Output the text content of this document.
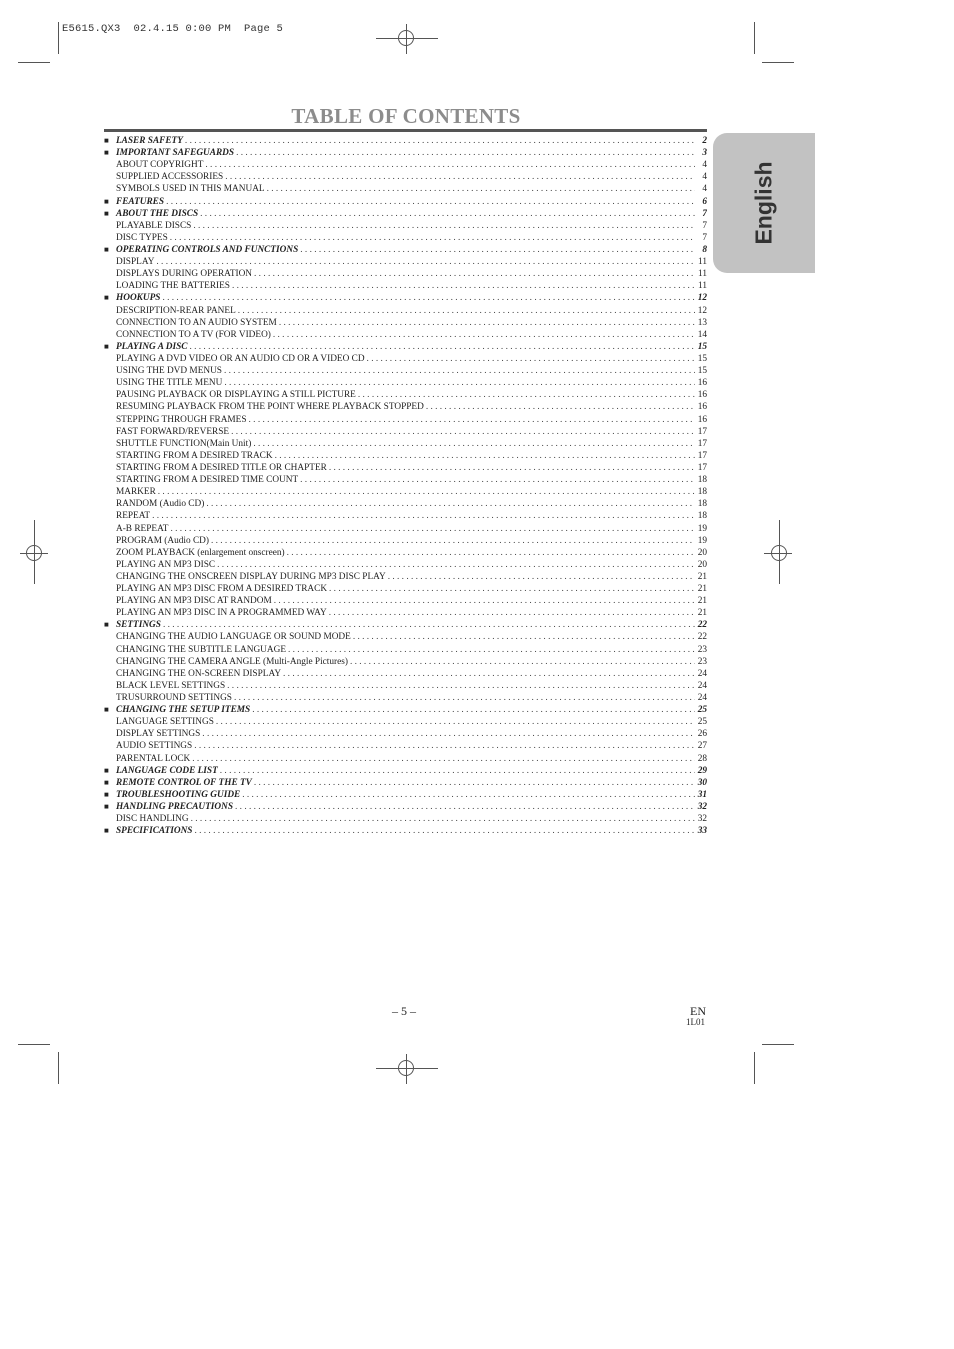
E5615.QX3  02.4.15 0:00 PM  Page 5
TABLE OF CONTENTS
English
■ LASER SAFETY . . .	2
■ IMPORTANT SAFEGUARDS . . .	3
ABOUT COPYRIGHT . . .	4
SUPPLIED ACCESSORIES . . .	4
SYMBOLS USED IN THIS MANUAL . . .	4
■ FEATURES . . .	6
■ ABOUT THE DISCS . . .	7
PLAYABLE DISCS . . .	7
DISC TYPES . . .	7
■ OPERATING CONTROLS AND FUNCTIONS . . .	8
DISPLAY . . .	11
DISPLAYS DURING OPERATION . . .	11
LOADING THE BATTERIES . . .	11
■ HOOKUPS . . .	12
DESCRIPTION-REAR PANEL . . .	12
CONNECTION TO AN AUDIO SYSTEM . . .	13
CONNECTION TO A TV (FOR VIDEO) . . .	14
■ PLAYING A DISC . . .	15
PLAYING A DVD VIDEO OR AN AUDIO CD OR A VIDEO CD . . .	15
USING THE DVD MENUS . . .	15
USING THE TITLE MENU . . .	16
PAUSING PLAYBACK OR DISPLAYING A STILL PICTURE . . .	16
RESUMING PLAYBACK FROM THE POINT WHERE PLAYBACK STOPPED . . .	16
STEPPING THROUGH FRAMES . . .	16
FAST FORWARD/REVERSE . . .	17
SHUTTLE FUNCTION(Main Unit) . . .	17
STARTING FROM A DESIRED TRACK . . .	17
STARTING FROM A DESIRED TITLE OR CHAPTER . . .	17
STARTING FROM A DESIRED TIME COUNT . . .	18
MARKER . . .	18
RANDOM (Audio CD) . . .	18
REPEAT . . .	18
A-B REPEAT . . .	19
PROGRAM (Audio CD) . . .	19
ZOOM PLAYBACK (enlargement onscreen) . . .	20
PLAYING AN MP3 DISC . . .	20
CHANGING THE ONSCREEN DISPLAY DURING MP3 DISC PLAY . . .	21
PLAYING AN MP3 DISC FROM A DESIRED TRACK . . .	21
PLAYING AN MP3 DISC AT RANDOM . . .	21
PLAYING AN MP3 DISC IN A PROGRAMMED WAY . . .	21
■ SETTINGS . . .	22
CHANGING THE AUDIO LANGUAGE OR SOUND MODE . . .	22
CHANGING THE SUBTITLE LANGUAGE . . .	23
CHANGING THE CAMERA ANGLE (Multi-Angle Pictures) . . .	23
CHANGING THE ON-SCREEN DISPLAY . . .	24
BLACK LEVEL SETTINGS . . .	24
TRUSURROUND SETTINGS . . .	24
■ CHANGING THE SETUP ITEMS . . .	25
LANGUAGE SETTINGS . . .	25
DISPLAY SETTINGS . . .	26
AUDIO SETTINGS . . .	27
PARENTAL LOCK . . .	28
■ LANGUAGE CODE LIST . . .	29
■ REMOTE CONTROL OF THE TV . . .	30
■ TROUBLESHOOTING GUIDE . . .	31
■ HANDLING PRECAUTIONS . . .	32
DISC HANDLING . . .	32
■ SPECIFICATIONS . . .	33
– 5 –	EN
1L01
